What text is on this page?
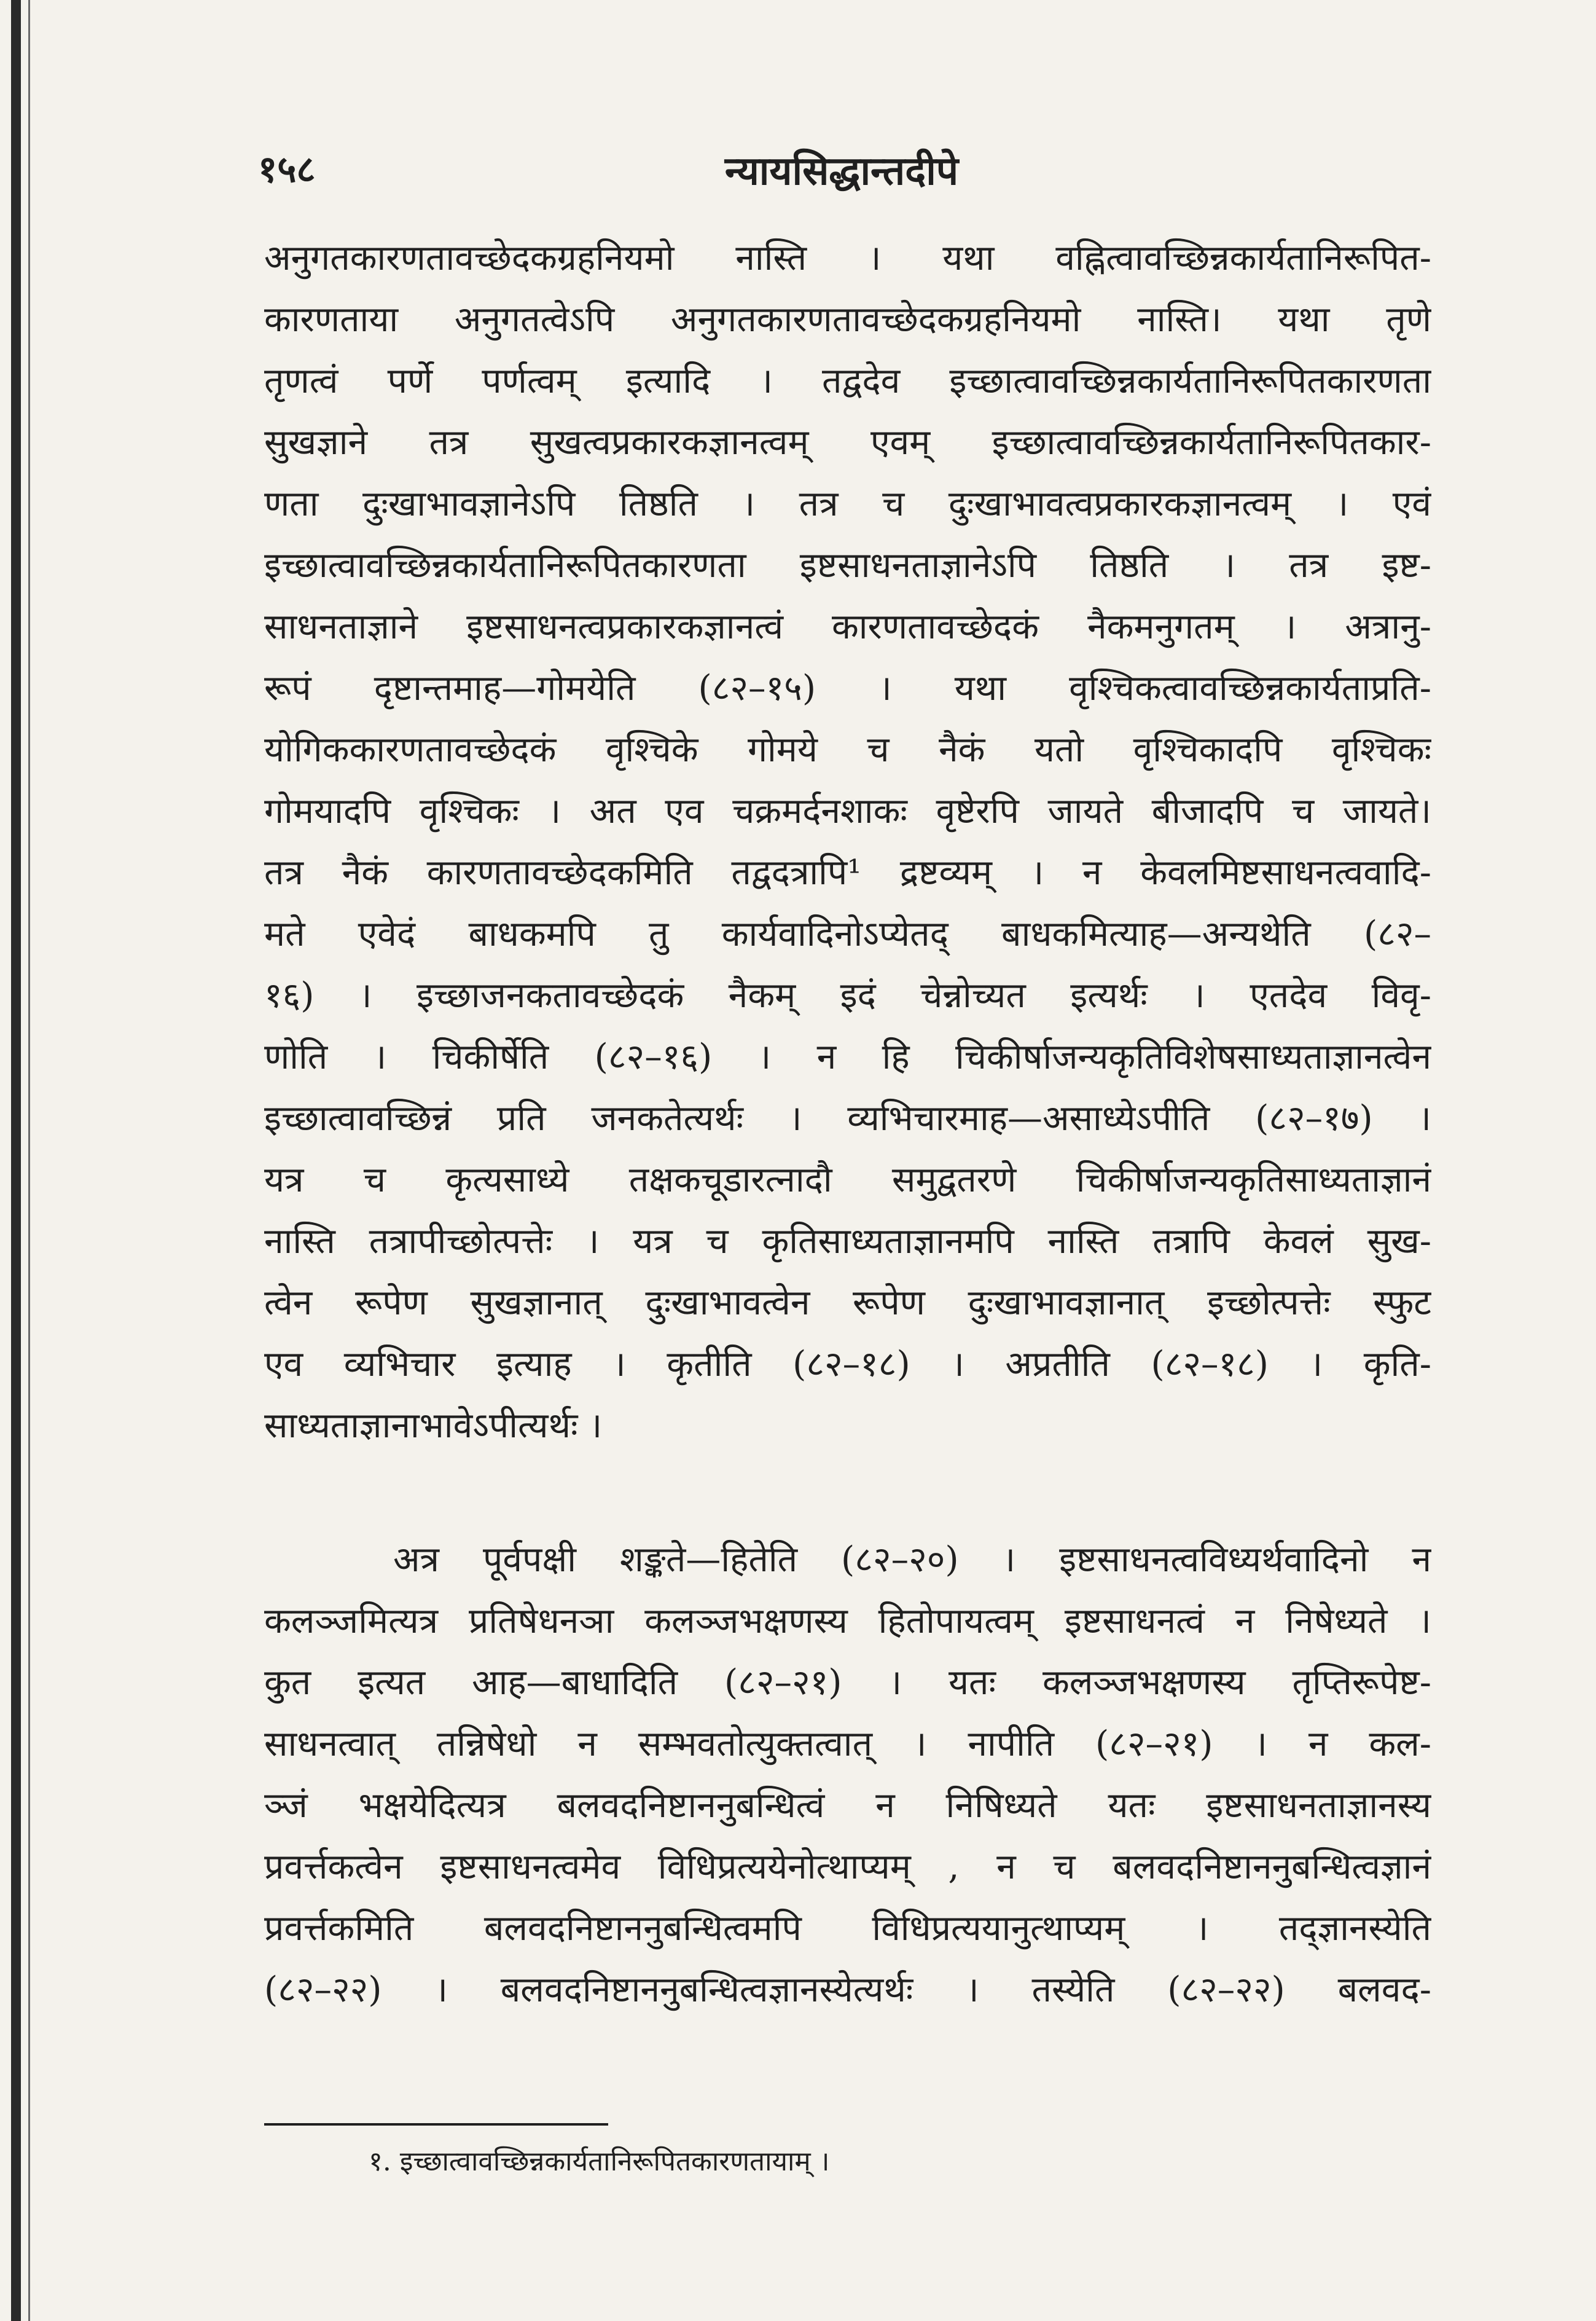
१५८	न्यायसिद्धान्तदीपे
अनुगतकारणतावच्छेदकग्रहनियमो नास्ति । यथा वह्नित्वावच्छिन्नकार्यतानिरूपित-
कारणताया अनुगतत्वेऽपि अनुगतकारणतावच्छेदकग्रहनियमो नास्ति। यथा तृणे
तृणत्वं पर्णे पर्णत्वम् इत्यादि । तद्वदेव इच्छात्वावच्छिन्नकार्यतानिरूपितकारणता
सुखज्ञाने तत्र सुखत्वप्रकारकज्ञानत्वम् एवम् इच्छात्वावच्छिन्नकार्यतानिरूपितकार-
णता दुःखाभावज्ञानेऽपि तिष्ठति । तत्र च दुःखाभावत्वप्रकारकज्ञानत्वम् । एवं
इच्छात्वावच्छिन्नकार्यतानिरूपितकारणता इष्टसाधनताज्ञानेऽपि तिष्ठति । तत्र इष्ट-
साधनताज्ञाने इष्टसाधनत्वप्रकारकज्ञानत्वं कारणतावच्छेदकं नैकमनुगतम् । अत्रानु-
रूपं दृष्टान्तमाह—गोमयेति (८२–१५) । यथा वृश्चिकत्वावच्छिन्नकार्यताप्रति-
योगिककारणतावच्छेदकं वृश्चिके गोमये च नैकं यतो वृश्चिकादपि वृश्चिकः
गोमयादपि वृश्चिकः । अत एव चक्रमर्दनशाकः वृष्टेरपि जायते बीजादपि च जायते।
तत्र नैकं कारणतावच्छेदकमिति तद्वदत्रापि¹ द्रष्टव्यम् । न केवलमिष्टसाधनत्ववादि-
मते एवेदं बाधकमपि तु कार्यवादिनोऽप्येतद् बाधकमित्याह—अन्यथेति (८२–
१६) । इच्छाजनकतावच्छेदकं नैकम् इदं चेन्नोच्यत इत्यर्थः । एतदेव विवृ-
णोति । चिकीर्षेति (८२–१६) । न हि चिकीर्षाजन्यकृतिविशेषसाध्यताज्ञानत्वेन
इच्छात्वावच्छिन्नं प्रति जनकतेत्यर्थः । व्यभिचारमाह—असाध्येऽपीति (८२–१७) ।
यत्र च कृत्यसाध्ये तक्षकचूडारत्नादौ समुद्वतरणे चिकीर्षाजन्यकृतिसाध्यताज्ञानं
नास्ति तत्रापीच्छोत्पत्तेः । यत्र च कृतिसाध्यताज्ञानमपि नास्ति तत्रापि केवलं सुख-
त्वेन रूपेण सुखज्ञानात् दुःखाभावत्वेन रूपेण दुःखाभावज्ञानात् इच्छोत्पत्तेः स्फुट
एव व्यभिचार इत्याह । कृतीति (८२–१८) । अप्रतीति (८२–१८) । कृति-
साध्यताज्ञानाभावेऽपीत्यर्थः ।
अत्र पूर्वपक्षी शङ्कते—हितेति (८२–२०) । इष्टसाधनत्वविध्यर्थवादिनो न
कलञ्जमित्यत्र प्रतिषेधनञा कलञ्जभक्षणस्य हितोपायत्वम् इष्टसाधनत्वं न निषेध्यते ।
कुत इत्यत आह—बाधादिति (८२–२१) । यतः कलञ्जभक्षणस्य तृप्तिरूपेष्ट-
साधनत्वात् तन्निषेधो न सम्भवतोत्युक्तत्वात् । नापीति (८२–२१) । न कल-
ञ्जं भक्षयेदित्यत्र बलवदनिष्टाननुबन्धित्वं न निषिध्यते यतः इष्टसाधनताज्ञानस्य
प्रवर्त्तकत्वेन इष्टसाधनत्वमेव विधिप्रत्ययेनोत्थाप्यम् , न च बलवदनिष्टाननुबन्धित्वज्ञानं
प्रवर्त्तकमिति बलवदनिष्टाननुबन्धित्वमपि विधिप्रत्ययानुत्थाप्यम् । तद्ज्ञानस्येति
(८२–२२) । बलवदनिष्टाननुबन्धित्वज्ञानस्येत्यर्थः । तस्येति (८२–२२) बलवद-
१. इच्छात्वावच्छिन्नकार्यतानिरूपितकारणतायाम् ।
